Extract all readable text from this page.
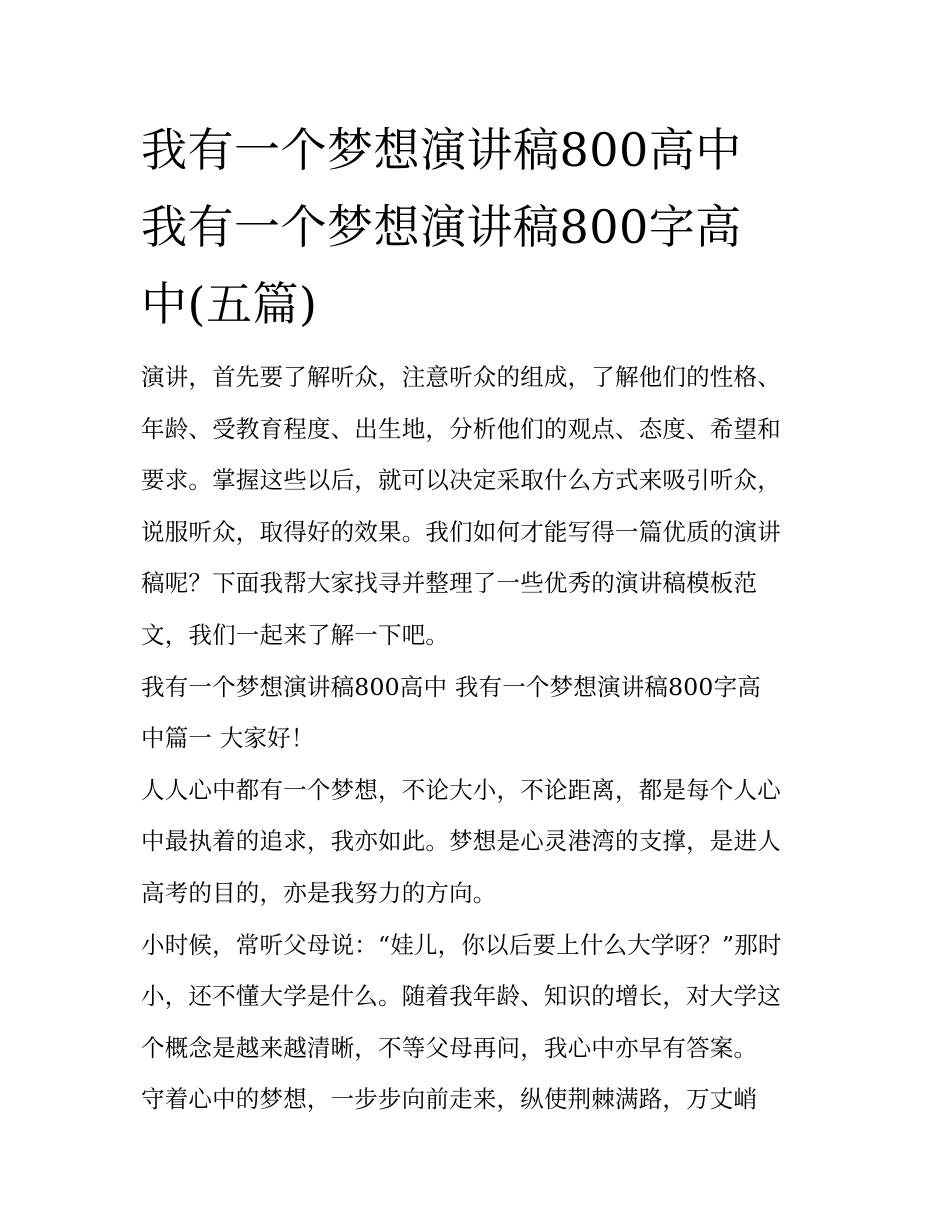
我有一个梦想演讲稿800高中
我有一个梦想演讲稿800字高
中(五篇)
演讲，首先要了解听众，注意听众的组成，了解他们的性格、
年龄、受教育程度、出生地，分析他们的观点、态度、希望和
要求。掌握这些以后，就可以决定采取什么方式来吸引听众，
说服听众，取得好的效果。我们如何才能写得一篇优质的演讲
稿呢？下面我帮大家找寻并整理了一些优秀的演讲稿模板范
文，我们一起来了解一下吧。
我有一个梦想演讲稿800高中 我有一个梦想演讲稿800字高
中篇一 大家好！
人人心中都有一个梦想，不论大小，不论距离，都是每个人心
中最执着的追求，我亦如此。梦想是心灵港湾的支撑，是进人
高考的目的，亦是我努力的方向。
小时候，常听父母说：“娃儿，你以后要上什么大学呀？”那时
小，还不懂大学是什么。随着我年龄、知识的增长，对大学这
个概念是越来越清晰，不等父母再问，我心中亦早有答案。
守着心中的梦想，一步步向前走来，纵使荆棘满路，万丈峭
